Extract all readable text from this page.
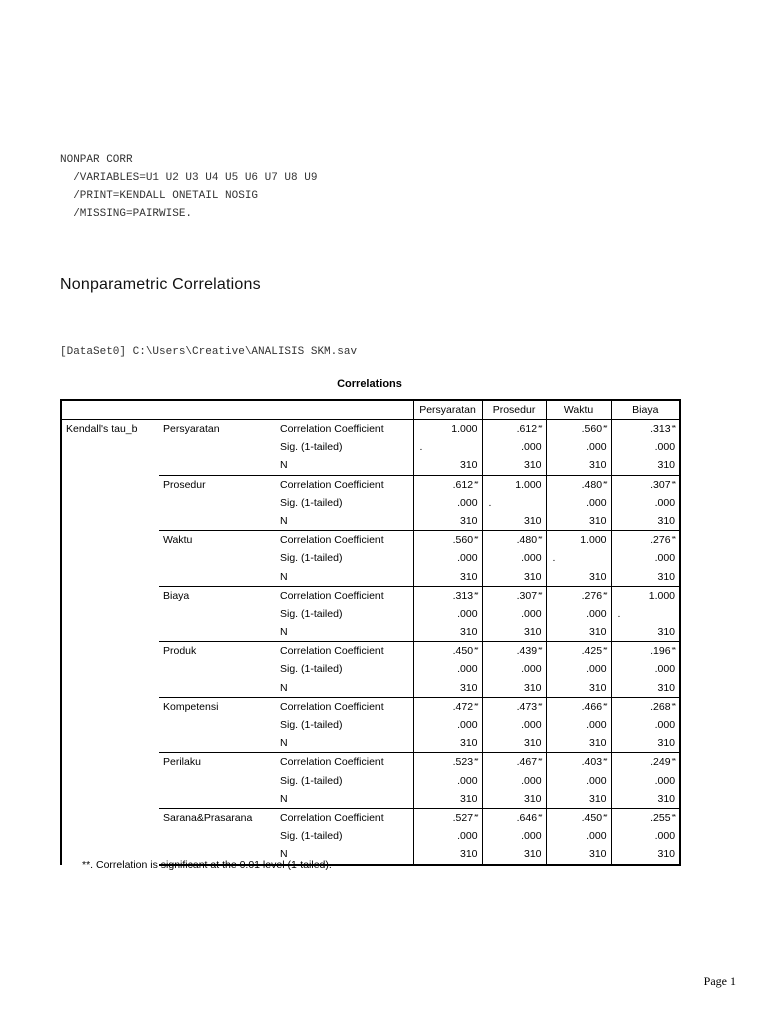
NONPAR CORR
/VARIABLES=U1 U2 U3 U4 U5 U6 U7 U8 U9
/PRINT=KENDALL ONETAIL NOSIG
/MISSING=PAIRWISE.
Nonparametric Correlations
[DataSet0] C:\Users\Creative\ANALISIS SKM.sav
Correlations
			Persyaratan	Prosedur	Waktu	Biaya
Kendall's tau_b	Persyaratan	Correlation Coefficient	1.000	.612**	.560**	.313**
		Sig. (1-tailed)	.	.000	.000	.000
		N	310	310	310	310
	Prosedur	Correlation Coefficient	.612**	1.000	.480**	.307**
		Sig. (1-tailed)	.000	.	.000	.000
		N	310	310	310	310
	Waktu	Correlation Coefficient	.560**	.480**	1.000	.276**
		Sig. (1-tailed)	.000	.000	.	.000
		N	310	310	310	310
	Biaya	Correlation Coefficient	.313**	.307**	.276**	1.000
		Sig. (1-tailed)	.000	.000	.000	.

		N	310	310	310	310
	Produk	Correlation Coefficient	.450**	.439**	.425**	.196**
		Sig. (1-tailed)	.000	.000	.000	.000
		N	310	310	310	310
	Kompetensi	Correlation Coefficient	.472**	.473**	.466**	.268**
		Sig. (1-tailed)	.000	.000	.000	.000
		N	310	310	310	310
	Perilaku	Correlation Coefficient	.523**	.467**	.403**	.249**
		Sig. (1-tailed)	.000	.000	.000	.000
		N	310	310	310	310
	Sarana&Prasarana	Correlation Coefficient	.527**	.646**	.450**	.255**
		Sig. (1-tailed)	.000	.000	.000	.000
		N	310	310	310	310
**. Correlation is significant at the 0.01 level (1-tailed).
Page 1
